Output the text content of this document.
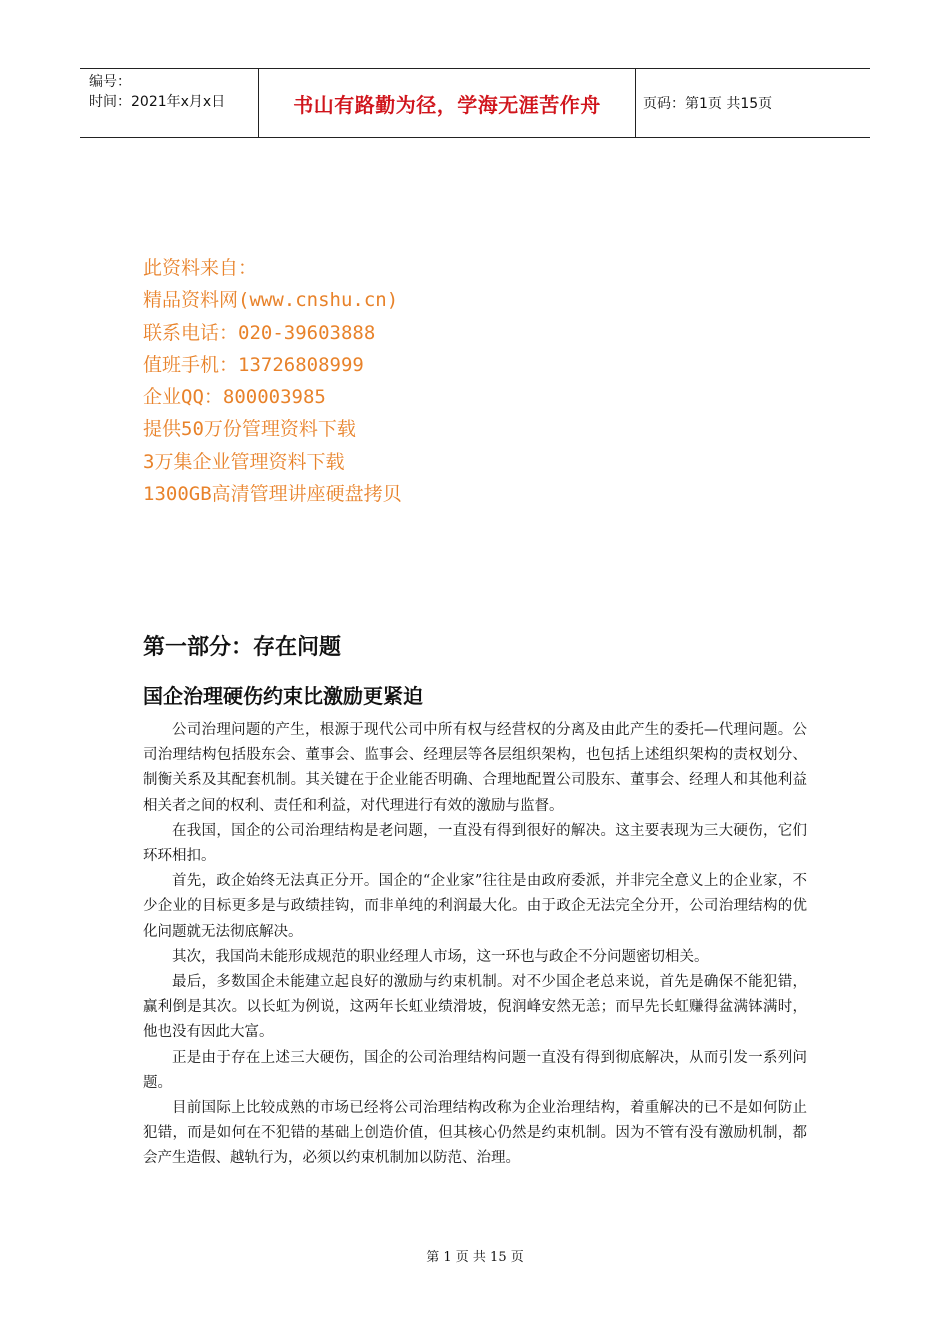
编号：
时间：2021年x月x日	书山有路勤为径，学海无涯苦作舟	页码：第1页 共15页
此资料来自：
精品资料网(www.cnshu.cn)
联系电话：020-39603888
值班手机：13726808999
企业QQ：800003985
提供50万份管理资料下载
3万集企业管理资料下载
1300GB高清管理讲座硬盘拷贝
第一部分：存在问题
国企治理硬伤约束比激励更紧迫

公司治理问题的产生，根源于现代公司中所有权与经营权的分离及由此产生的委托—代理问题。公司治理结构包括股东会、董事会、监事会、经理层等各层组织架构，也包括上述组织架构的责权划分、制衡关系及其配套机制。其关键在于企业能否明确、合理地配置公司股东、董事会、经理人和其他利益相关者之间的权利、责任和利益，对代理进行有效的激励与监督。

在我国，国企的公司治理结构是老问题，一直没有得到很好的解决。这主要表现为三大硬伤，它们环环相扣。

首先，政企始终无法真正分开。国企的“企业家”往往是由政府委派，并非完全意义上的企业家，不少企业的目标更多是与政绩挂钩，而非单纯的利润最大化。由于政企无法完全分开，公司治理结构的优化问题就无法彻底解决。

其次，我国尚未能形成规范的职业经理人市场，这一环也与政企不分问题密切相关。

最后，多数国企未能建立起良好的激励与约束机制。对不少国企老总来说，首先是确保不能犯错，赢利倒是其次。以长虹为例说，这两年长虹业绩滑坡，倪润峰安然无恙；而早先长虹赚得盆满钵满时，他也没有因此大富。

正是由于存在上述三大硬伤，国企的公司治理结构问题一直没有得到彻底解决，从而引发一系列问题。

目前国际上比较成熟的市场已经将公司治理结构改称为企业治理结构，着重解决的已不是如何防止犯错，而是如何在不犯错的基础上创造价值，但其核心仍然是约束机制。因为不管有没有激励机制，都会产生造假、越轨行为，必须以约束机制加以防范、治理。

第 1 页 共 15 页
